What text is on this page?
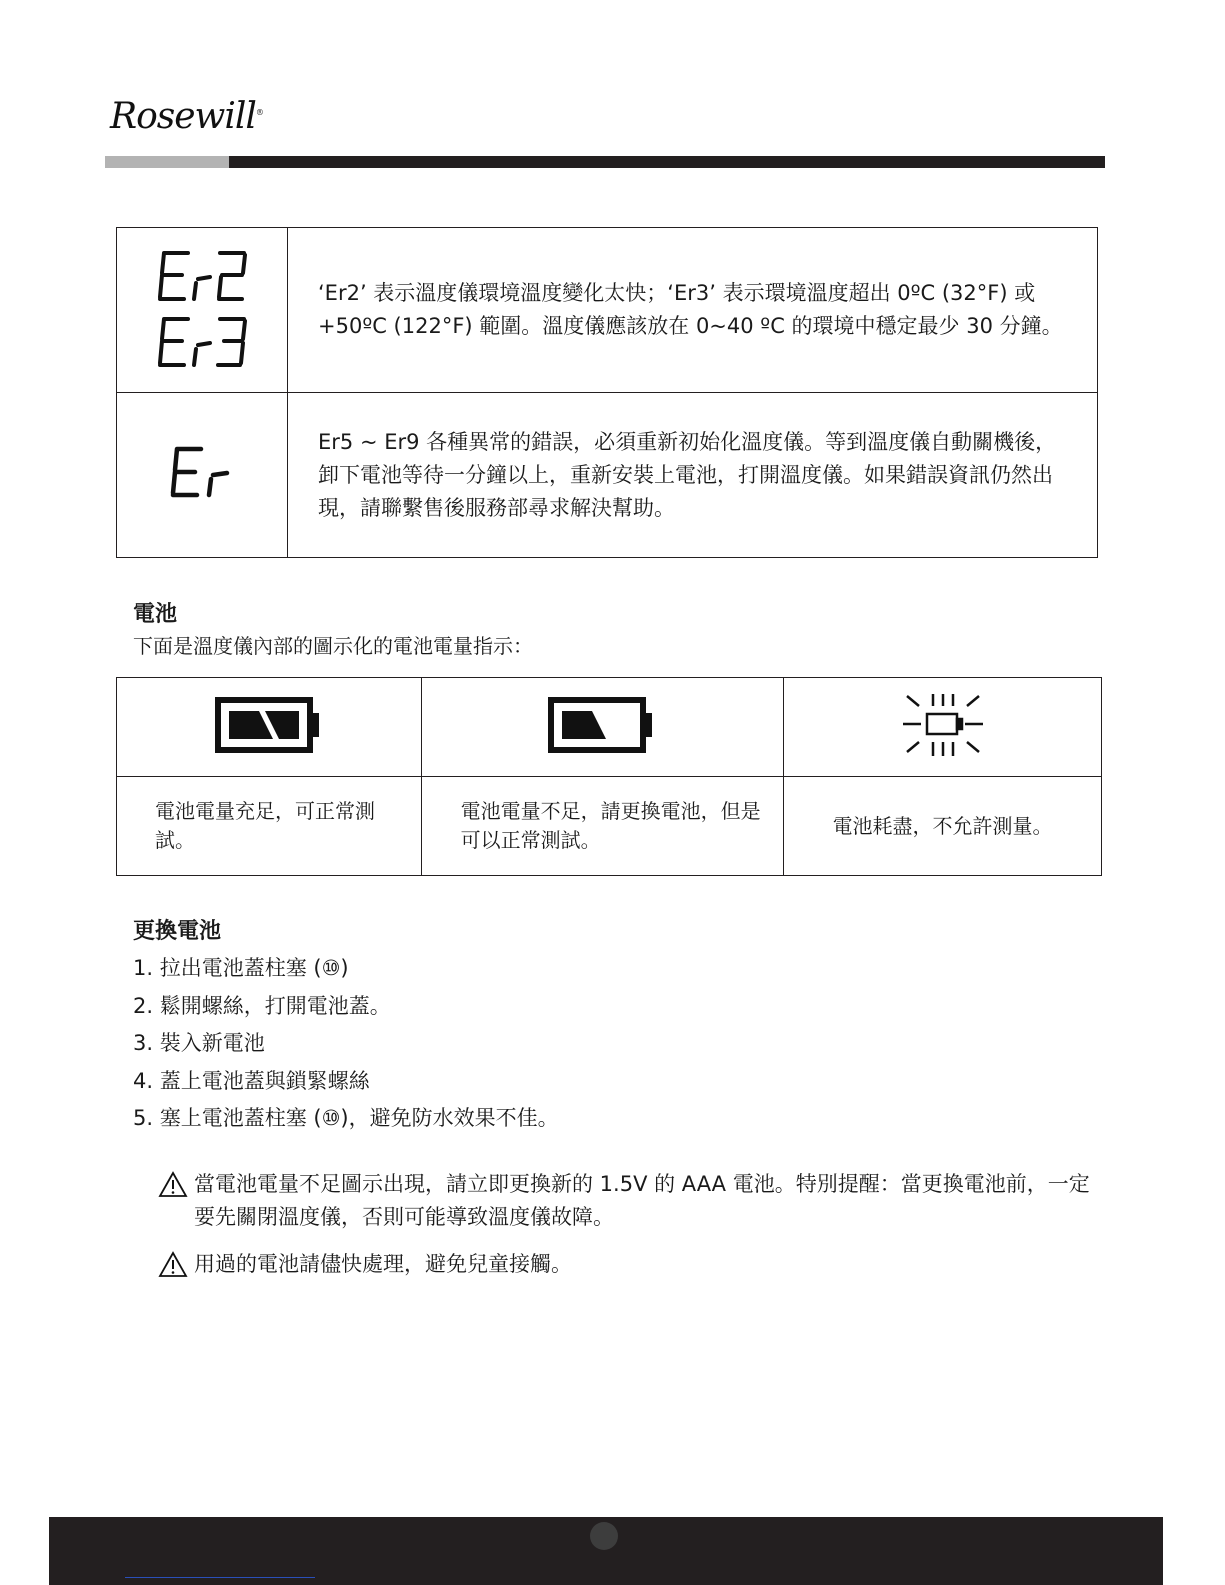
Rosewill®
	‘Er2’ 表示溫度儀環境溫度變化太快；‘Er3’ 表示環境溫度超出 0ºC (32°F) 或 +50ºC (122°F) 範圍。溫度儀應該放在 0~40 ºC 的環境中穩定最少 30 分鐘。
	Er5 ~ Er9 各種異常的錯誤，必須重新初始化溫度儀。等到溫度儀自動關機後，卸下電池等待一分鐘以上，重新安裝上電池，打開溫度儀。如果錯誤資訊仍然出現，請聯繫售後服務部尋求解決幫助。
電池
下面是溫度儀內部的圖示化的電池電量指示：

電池電量充足，可正常測試。	電池電量不足，請更換電池，但是可以正常測試。	電池耗盡，不允許測量。
更換電池
1. 拉出電池蓋柱塞 (⑩)
2. 鬆開螺絲，打開電池蓋。
3. 裝入新電池
4. 蓋上電池蓋與鎖緊螺絲
5. 塞上電池蓋柱塞 (⑩)，避免防水效果不佳。
當電池電量不足圖示出現，請立即更換新的 1.5V 的 AAA 電池。特別提醒：當更換電池前，一定要先關閉溫度儀，否則可能導致溫度儀故障。
用過的電池請儘快處理，避免兒童接觸。
